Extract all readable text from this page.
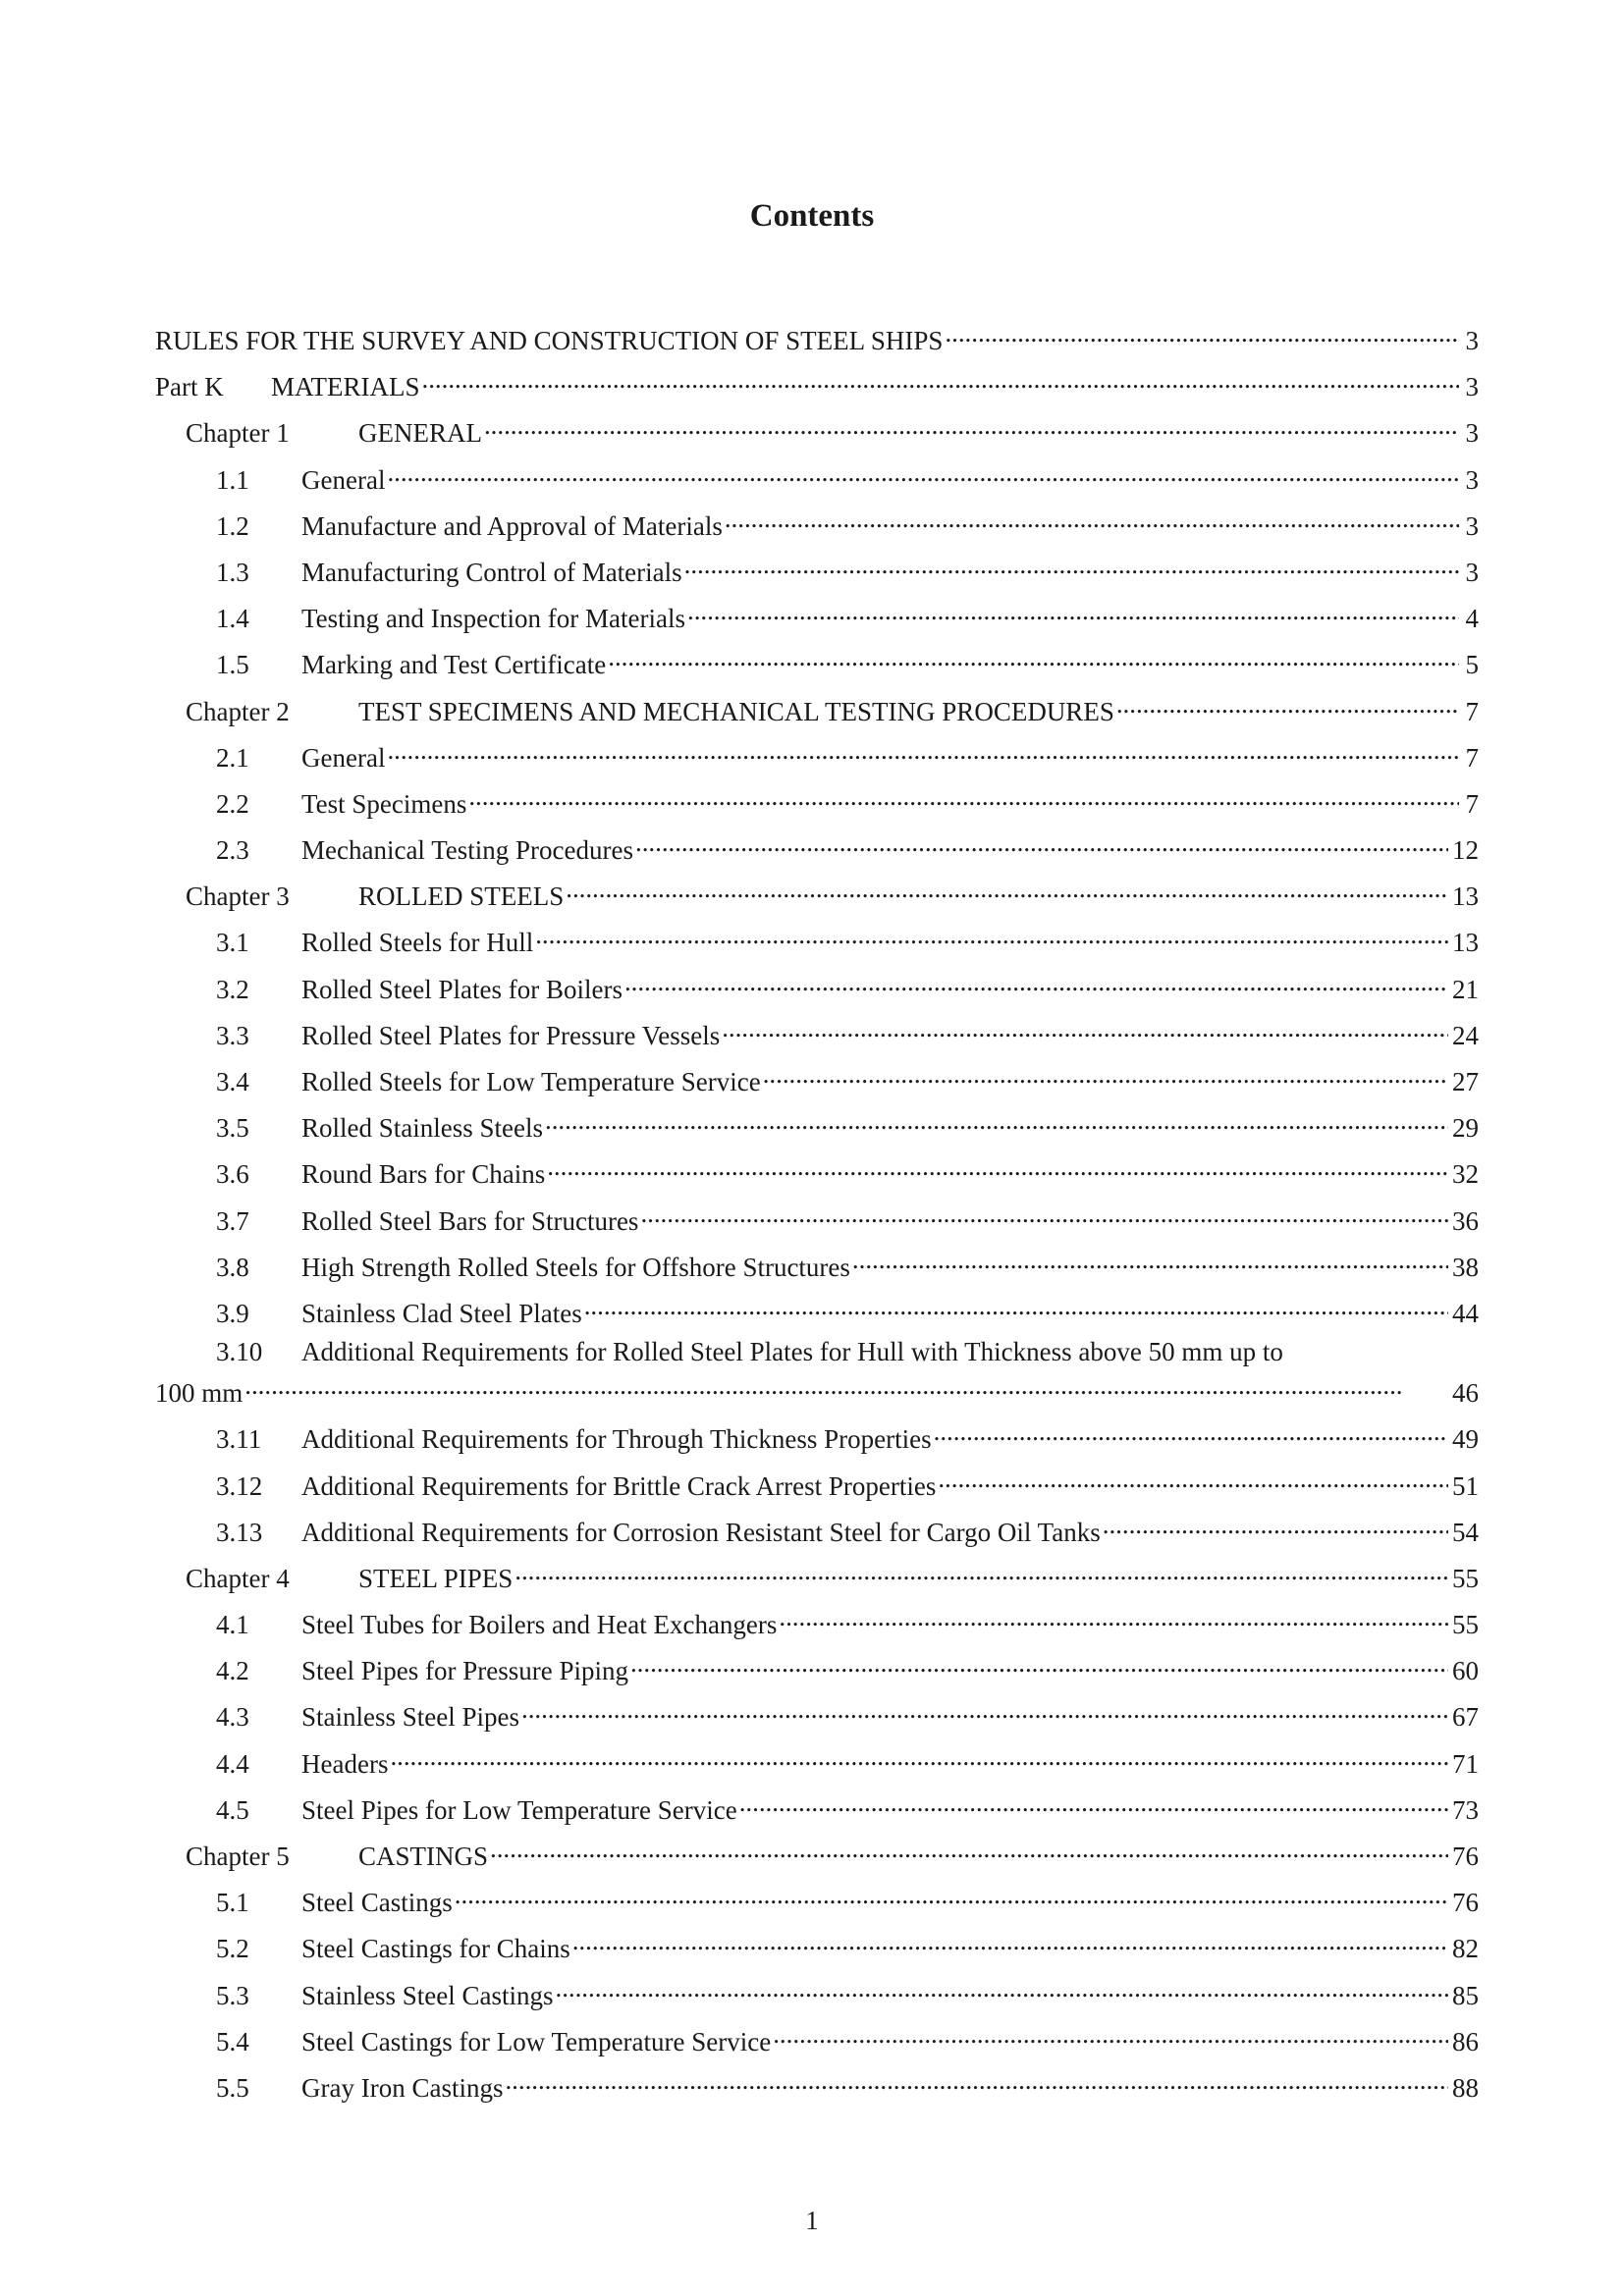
Contents
RULES FOR THE SURVEY AND CONSTRUCTION OF STEEL SHIPS . . .	3
Part K	MATERIALS . . .	3
Chapter 1	GENERAL . . .	3
1.1	General . . .	3
1.2	Manufacture and Approval of Materials . . .	3
1.3	Manufacturing Control of Materials . . .	3
1.4	Testing and Inspection for Materials . . .	4
1.5	Marking and Test Certificate . . .	5
Chapter 2	TEST SPECIMENS AND MECHANICAL TESTING PROCEDURES . . .	7
2.1	General . . .	7
2.2	Test Specimens . . .	7
2.3	Mechanical Testing Procedures . . .	12
Chapter 3	ROLLED STEELS . . .	13
3.1	Rolled Steels for Hull . . .	13
3.2	Rolled Steel Plates for Boilers . . .	21
3.3	Rolled Steel Plates for Pressure Vessels . . .	24
3.4	Rolled Steels for Low Temperature Service . . .	27
3.5	Rolled Stainless Steels . . .	29
3.6	Round Bars for Chains . . .	32
3.7	Rolled Steel Bars for Structures . . .	36
3.8	High Strength Rolled Steels for Offshore Structures . . .	38
3.9	Stainless Clad Steel Plates . . .	44
3.10	Additional Requirements for Rolled Steel Plates for Hull with Thickness above 50 mm up to
100 mm . . .	46
3.11	Additional Requirements for Through Thickness Properties . . .	49
3.12	Additional Requirements for Brittle Crack Arrest Properties . . .	51
3.13	Additional Requirements for Corrosion Resistant Steel for Cargo Oil Tanks . . .	54
Chapter 4	STEEL PIPES . . .	55
4.1	Steel Tubes for Boilers and Heat Exchangers . . .	55
4.2	Steel Pipes for Pressure Piping . . .	60
4.3	Stainless Steel Pipes . . .	67
4.4	Headers . . .	71
4.5	Steel Pipes for Low Temperature Service . . .	73
Chapter 5	CASTINGS . . .	76
5.1	Steel Castings . . .	76
5.2	Steel Castings for Chains . . .	82
5.3	Stainless Steel Castings . . .	85
5.4	Steel Castings for Low Temperature Service . . .	86
5.5	Gray Iron Castings . . .	88
1
